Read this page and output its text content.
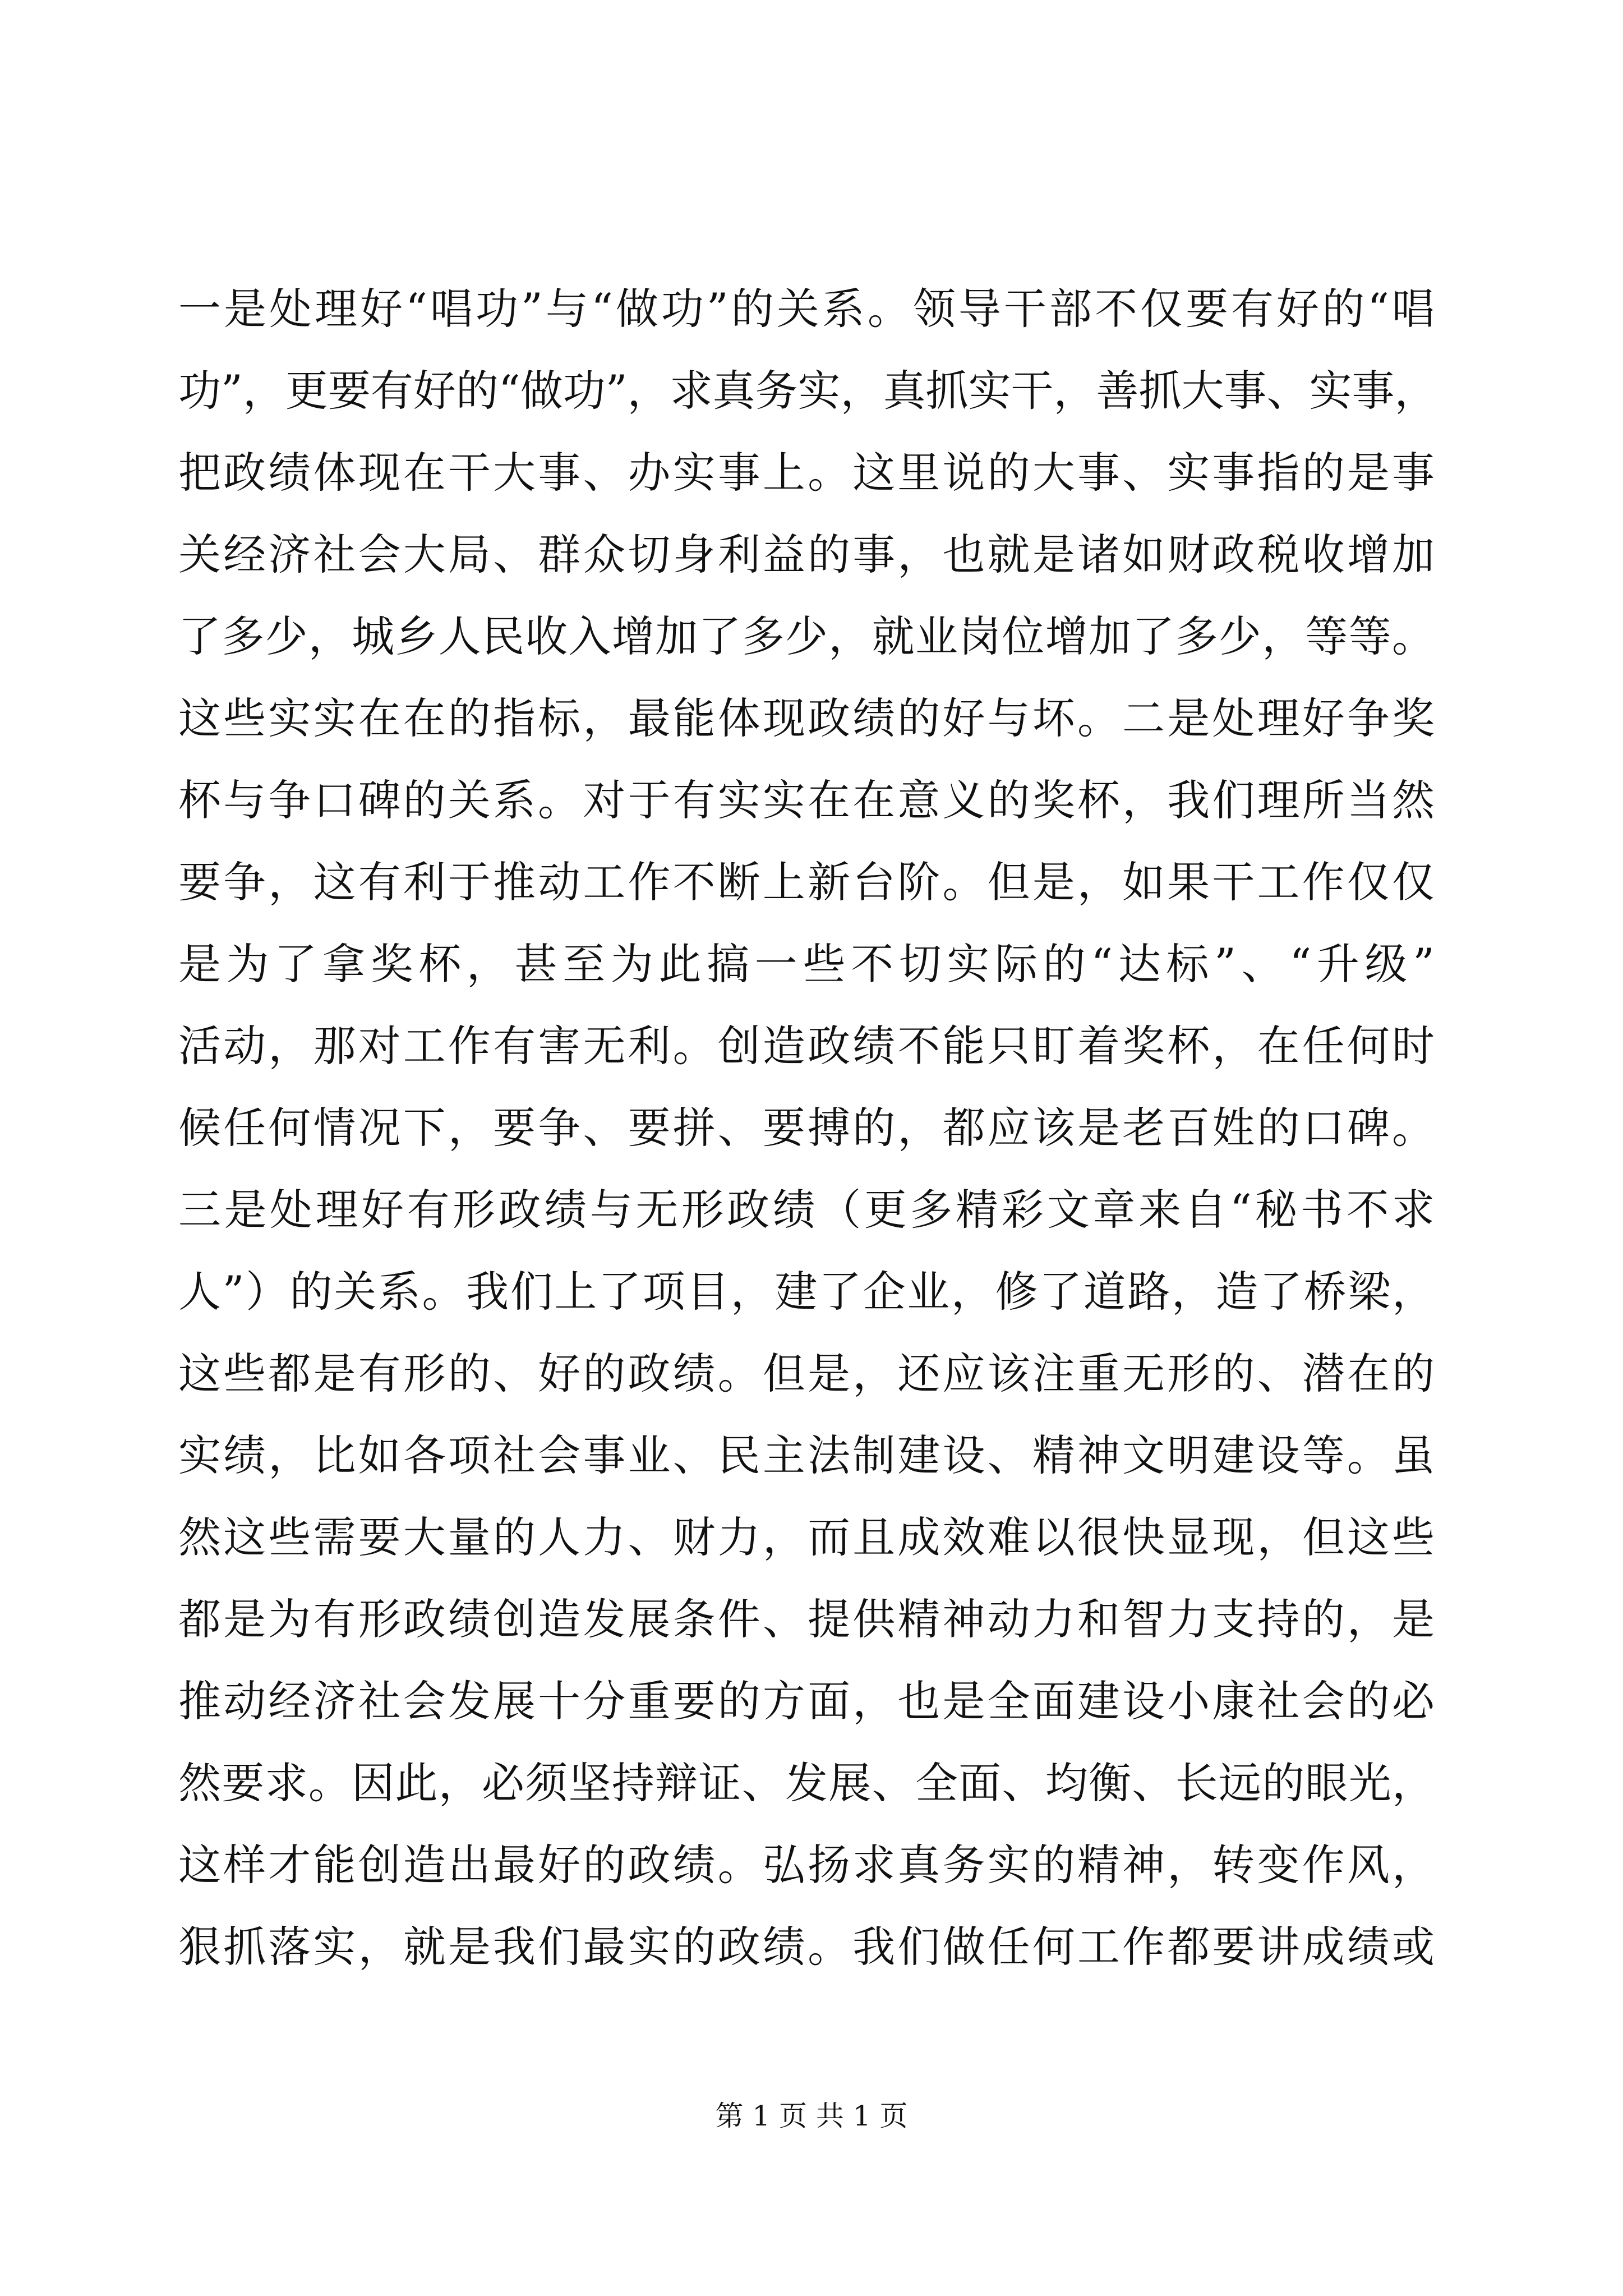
一是处理好“唱功”与“做功”的关系。领导干部不仅要有好的“唱
功”，更要有好的“做功”，求真务实，真抓实干，善抓大事、实事，
把政绩体现在干大事、办实事上。这里说的大事、实事指的是事
关经济社会大局、群众切身利益的事，也就是诸如财政税收增加
了多少，城乡人民收入增加了多少，就业岗位增加了多少，等等。
这些实实在在的指标，最能体现政绩的好与坏。二是处理好争奖
杯与争口碑的关系。对于有实实在在意义的奖杯，我们理所当然
要争，这有利于推动工作不断上新台阶。但是，如果干工作仅仅
是为了拿奖杯，甚至为此搞一些不切实际的“达标”、“升级”
活动，那对工作有害无利。创造政绩不能只盯着奖杯，在任何时
候任何情况下，要争、要拼、要搏的，都应该是老百姓的口碑。
三是处理好有形政绩与无形政绩（更多精彩文章来自“秘书不求
人”）的关系。我们上了项目，建了企业，修了道路，造了桥梁，
这些都是有形的、好的政绩。但是，还应该注重无形的、潜在的
实绩，比如各项社会事业、民主法制建设、精神文明建设等。虽
然这些需要大量的人力、财力，而且成效难以很快显现，但这些
都是为有形政绩创造发展条件、提供精神动力和智力支持的，是
推动经济社会发展十分重要的方面，也是全面建设小康社会的必
然要求。因此，必须坚持辩证、发展、全面、均衡、长远的眼光，
这样才能创造出最好的政绩。弘扬求真务实的精神，转变作风，
狠抓落实，就是我们最实的政绩。我们做任何工作都要讲成绩或
第 1 页 共 1 页
